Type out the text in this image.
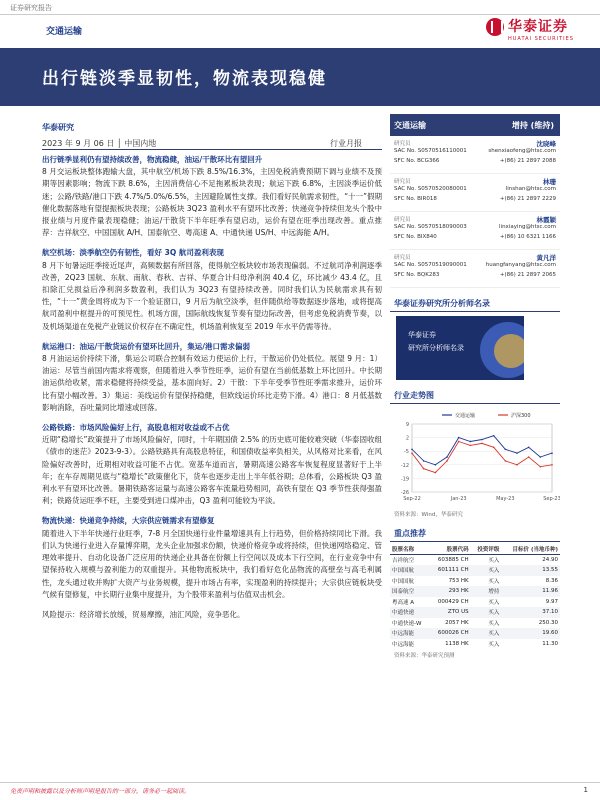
证券研究报告
交通运输	华泰证券
HUATAI SECURITIES
出行链淡季显韧性，物流表现稳健
华泰研究
2023 年 9 月 06 日 │ 中国内地	行业月报

出行链季显利仍有望持续改善，物流稳健，油运/干散环比有望回升
8 月交运板块整体跑输大盘，其中航空/机场下跌 8.5%/16.3%，主因免税消费预期下调与业绩不及预期等因素影响；物流下跌 8.6%，主因消费信心不足拖累板块表现；航运下跌 6.8%，主因淡季运价低迷；公路/铁路/港口下跌 4.7%/5.0%/6.5%，主因避险属性支撑。我们看好民航需求韧性，“十一”假期催化数据落地有望提振板块表现；公路板块 3Q23 盈利水平有望环比改善；快递竞争持续但龙头个股中报业绩与月度件量表现稳健；油运/干散货下半年旺季有望启动，运价有望在旺季出现改善。重点推荐：吉祥航空、中国国航 A/H、国泰航空、粤高速 A、中通快递 US/H、中远海能 A/H。

航空机场：淡季航空仍有韧性，看好 3Q 航司盈利表现
8 月下旬暑运旺季接近尾声，高频数据有所回落，使得航空板块较市场表现偏弱。不过航司净利润逐季改善，2Q23 国航、东航、南航、春秋、吉祥、华夏合计归母净利润 40.4 亿，环比减少 43.4 亿，且扣除汇兑损益后净利润多数盈利，我们认为 3Q23 有望持续改善。同时我们认为民航需求具有韧性，“十一”黄金周将成为下一个验证窗口，9 月后为航空淡季，但伴随供给等数据逐步落地，或将提高航司盈利中枢提升的可预见性。机场方面，国际航线恢复节奏有望边际改善，但考虑免税消费节奏，以及机场渠道在免税产业链议价权存在不确定性，机场盈利恢复至 2019 年水平仍需等待。

航运港口：油运/干散货运价有望环比回升，集运/港口需求偏弱
8 月油运运价持续下滑，集运公司联合控制有效运力使运价上行，干散运价仍处低位。展望 9 月：1）油运：尽管当前国内需求将观察，但随着进入季节性旺季，运价有望在当前低基数上环比回升。中长期油运供给收紧，需求稳健将持续受益，基本面向好。2）干散：下半年受季节性旺季需求推升，运价环比有望小幅改善。3）集运：美线运价有望保持稳健，但欧线运价环比走势下滑。4）港口：8 月低基数影响消除，吞吐量同比增速或回落。

公路铁路：市场风险偏好上行，高股息相对收益或不占优
近期“稳增长”政策提升了市场风险偏好，同时，十年期国债 2.5% 的历史底可能较难突破（华泰固收组《债市的迷茫》2023-9-3）。公路铁路具有高股息特征，和国债收益率负相关，从风格对比来看，在风险偏好改善时，近期相对收益可能不占优。宽基车道而言，暑期高速公路客车恢复程度显著好于上半年；在车存周期见底与“稳增长”政策催化下，货车也逐步走出上半年低谷期；总体看，公路板块 Q3 盈利水平有望环比改善。暑期铁路客运量与高速公路客车流量趋势相同，高铁有望在 Q3 季节性获得强盈利；铁路货运旺季不旺，主要受到进口煤冲击，Q3 盈利可能较为平淡。

物流快递：快递竞争持续，大宗供应链需求有望修复
随着进入下半年快递行业旺季，7-8 月全国快递行业件量增速具有上行趋势，但价格持续同比下滑。我们认为快递行业进入存量博弈期，龙头企业加强求份额，快递价格竞争或将持续，但快递网络稳定、管理效率提升、自动化设备广泛应用的快递企业具备在份额上行空间以及成本下行空间，在行业竞争中有望保持收入规模与盈利能力的双重提升。其他物流板块中，我们看好危化品物流的高壁垒与高毛利属性，龙头通过收并购扩大资产与业务规模，提升市场占有率，实现盈利的持续提升；大宗供应链板块受气候有望修复，中长期行业集中度提升，为个股带来盈利与估值双击机会。

风险提示：经济增长放缓，贸易摩擦，油汇风险，竞争恶化。

交通运输	增持 (维持)
研究员	沈晓峰
SAC No. S0570516110001
SFC No. BCG366
shenxiaofeng@htsc.com
+(86) 21 2897 2088
研究员	林珊
SAC No. S0570520080001
SFC No. BIR018
linshan@htsc.com
+(86) 21 2897 2229
研究员	林霞颖
SAC No. S0570518090003
SFC No. BIX840
linxiaying@htsc.com
+(86) 10 6321 1166
研究员	黄凡洋
SAC No. S0570519090001
SFC No. BQK283
huangfanyang@htsc.com
+(86) 21 2897 2065
华泰证券研究所分析师名录
华泰证券
研究所分析师名录
行业走势图
9
2
-5
-12
-19
-26
Sep-22	Jan-23	May-23	Sep-23
交通运输	沪深300
资料来源：Wind，华泰研究
重点推荐
股票名称	股票代码	投资评级	目标价 (当地币种)
吉祥航空	603885 CH	买入	24.90
中国国航	601111 CH	买入	13.55
中国国航	753 HK	买入	8.36
国泰航空	293 HK	增持	11.96
粤高速 A	000429 CH	买入	9.97
中通快递	ZTO US	买入	37.10
中通快递-W	2057 HK	买入	250.30
中远海能	600026 CH	买入	19.60
中远海能	1138 HK	买入	11.30
资料来源：华泰研究预测
免责声明和披露以及分析师声明是报告的一部分，请务必一起阅读。	1
